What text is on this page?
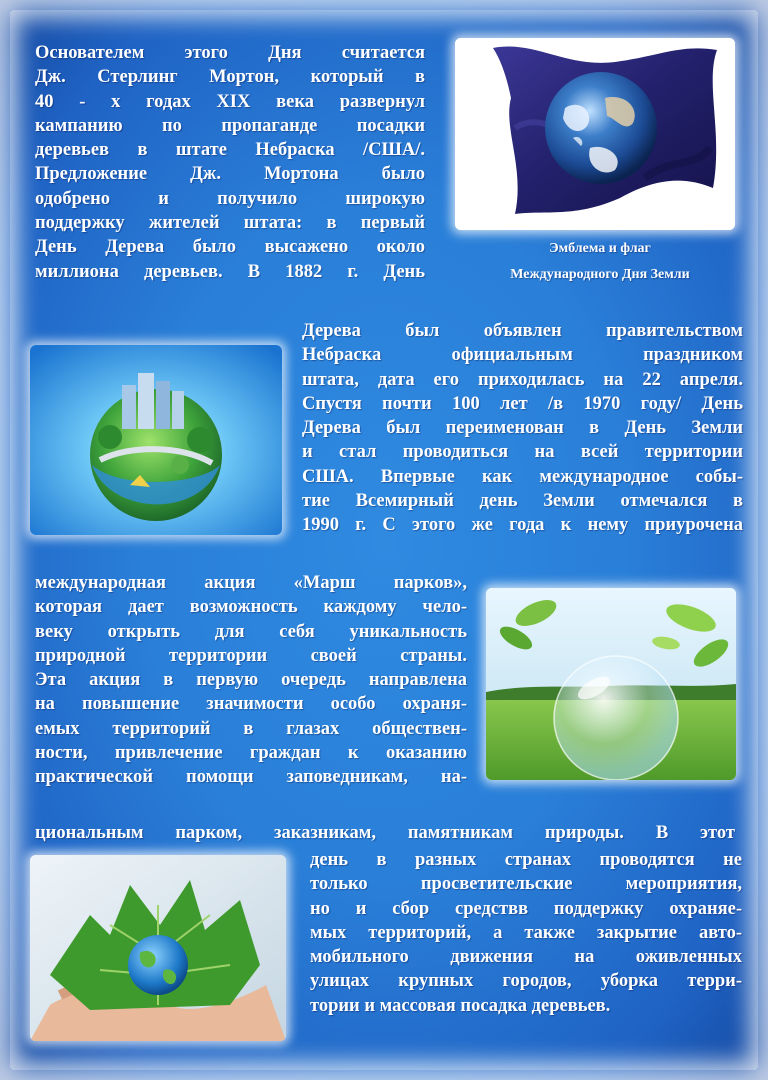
Основателем этого Дня считается
Дж. Стерлинг Мортон, который в
40 - х годах XIX века развернул
кампанию по пропаганде посадки
деревьев в штате Небраска /США/.
Предложение Дж. Мортона было
одобрено и получило широкую
поддержку жителей штата: в первый
День Дерева было высажено около
миллиона деревьев. В 1882 г. День
Эмблема и флаг
Международного Дня Земли
Дерева был объявлен правительством
Небраска официальным праздником
штата, дата его приходилась на 22 апреля.
Спустя почти 100 лет /в 1970 году/ День
Дерева был переименован в День Земли
и стал проводиться на всей территории
США. Впервые как международное собы-
тие Всемирный день Земли отмечался в
1990 г. С этого же года к нему приурочена
международная акция «Марш парков»,
которая дает возможность каждому чело-
веку открыть для себя уникальность
природной территории своей страны.
Эта акция в первую очередь направлена
на повышение значимости особо охраня-
емых территорий в глазах обществен-
ности, привлечение граждан к оказанию
практической помощи заповедникам, на-
циональным парком, заказникам, памятникам природы. В этот
день в разных странах проводятся не
только просветительские мероприятия,
но и сбор средствв поддержку охраняе-
мых территорий, а также закрытие авто-
мобильного движения на оживленных
улицах крупных городов, уборка терри-
тории и массовая посадка деревьев.
